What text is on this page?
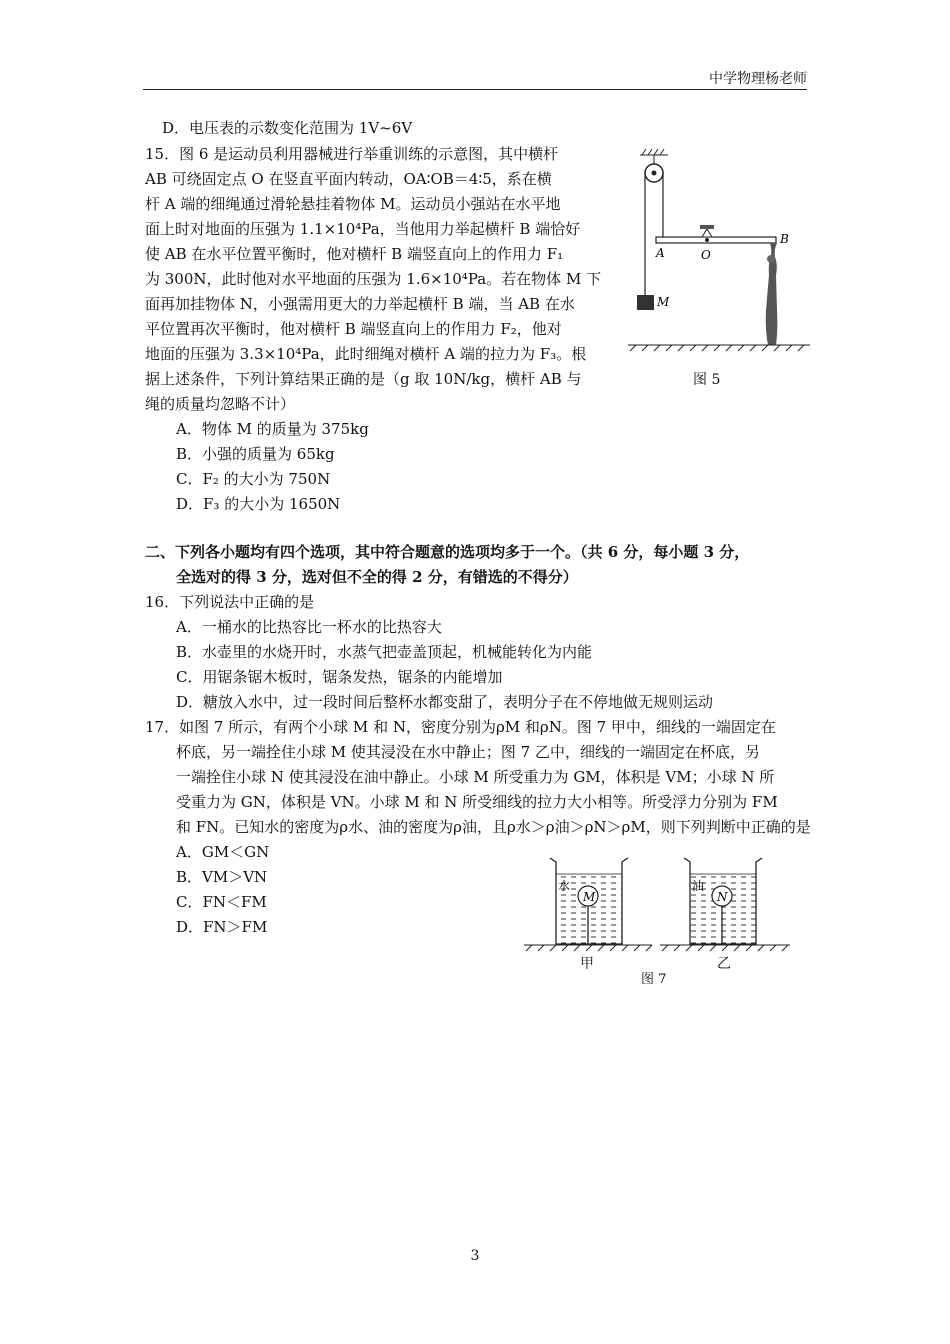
中学物理杨老师
D．电压表的示数变化范围为 1V~6V
15．图 6 是运动员利用器械进行举重训练的示意图，其中横杆
AB 可绕固定点 O 在竖直平面内转动，OA∶OB＝4∶5，系在横
杆 A 端的细绳通过滑轮悬挂着物体 M。运动员小强站在水平地
面上时对地面的压强为 1.1×10⁴Pa，当他用力举起横杆 B 端恰好
使 AB 在水平位置平衡时，他对横杆 B 端竖直向上的作用力 F₁
为 300N，此时他对水平地面的压强为 1.6×10⁴Pa。若在物体 M 下
面再加挂物体 N，小强需用更大的力举起横杆 B 端，当 AB 在水
平位置再次平衡时，他对横杆 B 端竖直向上的作用力 F₂，他对
地面的压强为 3.3×10⁴Pa，此时细绳对横杆 A 端的拉力为 F₃。根
据上述条件，下列计算结果正确的是（g 取 10N/kg，横杆 AB 与
绳的质量均忽略不计）
A．物体 M 的质量为 375kg
B．小强的质量为 65kg
C．F₂ 的大小为 750N
D．F₃ 的大小为 1650N
A	O
B
M
图 5
二、下列各小题均有四个选项，其中符合题意的选项均多于一个。（共 6 分，每小题 3 分，
全选对的得 3 分，选对但不全的得 2 分，有错选的不得分）
16．下列说法中正确的是
A．一桶水的比热容比一杯水的比热容大
B．水壶里的水烧开时，水蒸气把壶盖顶起，机械能转化为内能
C．用锯条锯木板时，锯条发热，锯条的内能增加
D．糖放入水中，过一段时间后整杯水都变甜了，表明分子在不停地做无规则运动
17．如图 7 所示，有两个小球 M 和 N，密度分别为ρM 和ρN。图 7 甲中，细线的一端固定在
杯底，另一端拴住小球 M 使其浸没在水中静止；图 7 乙中，细线的一端固定在杯底，另
一端拴住小球 N 使其浸没在油中静止。小球 M 所受重力为 GM，体积是 VM；小球 N 所
受重力为 GN，体积是 VN。小球 M 和 N 所受细线的拉力大小相等。所受浮力分别为 FM
和 FN。已知水的密度为ρ水、油的密度为ρ油，且ρ水＞ρ油＞ρN＞ρM，则下列判断中正确的是
A．GM＜GN
B．VM＞VN
C．FN＜FM
D．FN＞FM
M
水
N
油
甲	乙
图 7
3
